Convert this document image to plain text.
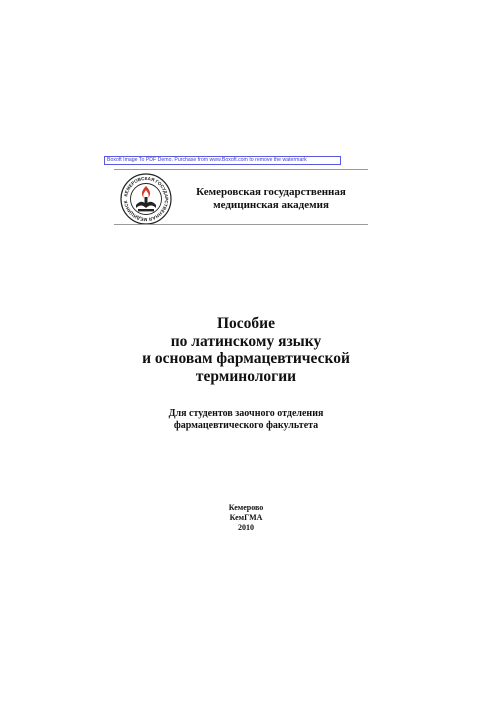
Boxoft Image To PDF Demo. Purchase from www.Boxoft.com to remove the watermark
КЕМЕРОВСКАЯ ГОСУДАРСТВЕННАЯ МЕДИЦИНСК
Кемеровская государственная
медицинская академия
Пособие
по латинскому языку
и основам фармацевтической
терминологии
Для студентов заочного отделения
фармацевтического факультета
Кемерово
КемГМА
2010
